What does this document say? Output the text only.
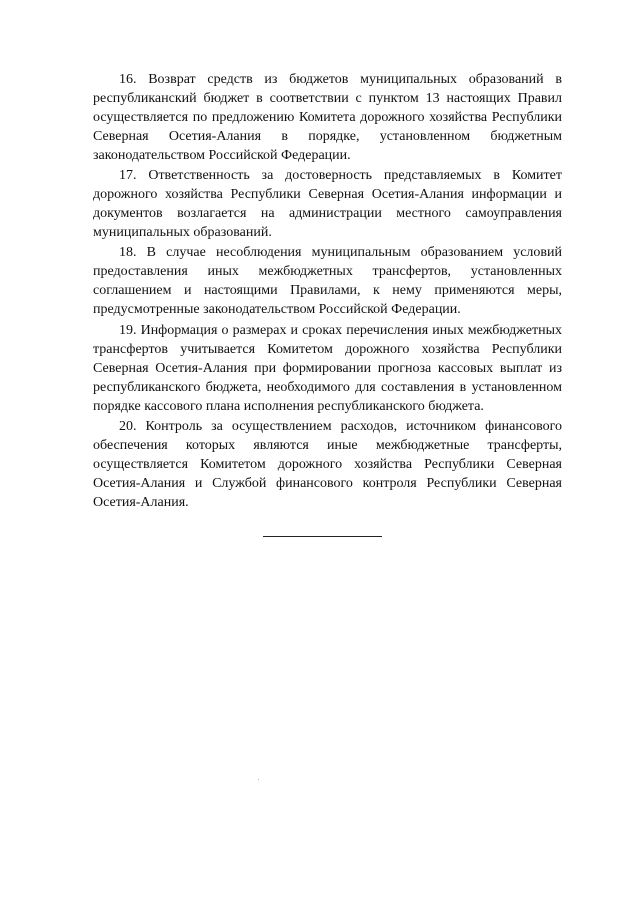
16. Возврат средств из бюджетов муниципальных образований в республиканский бюджет в соответствии с пунктом 13 настоящих Правил осуществляется по предложению Комитета дорожного хозяйства Республики Северная Осетия-Алания в порядке, установленном бюджетным законодательством Российской Федерации.

17. Ответственность за достоверность представляемых в Комитет дорожного хозяйства Республики Северная Осетия-Алания информации и документов возлагается на администрации местного самоуправления муниципальных образований.

18. В случае несоблюдения муниципальным образованием условий предоставления иных межбюджетных трансфертов, установленных соглашением и настоящими Правилами, к нему применяются меры, предусмотренные законодательством Российской Федерации.

19. Информация о размерах и сроках перечисления иных межбюджетных трансфертов учитывается Комитетом дорожного хозяйства Республики Северная Осетия-Алания при формировании прогноза кассовых выплат из республиканского бюджета, необходимого для составления в установленном порядке кассового плана исполнения республиканского бюджета.

20. Контроль за осуществлением расходов, источником финансового обеспечения которых являются иные межбюджетные трансферты, осуществляется Комитетом дорожного хозяйства Республики Северная Осетия-Алания и Службой финансового контроля Республики Северная Осетия-Алания.
